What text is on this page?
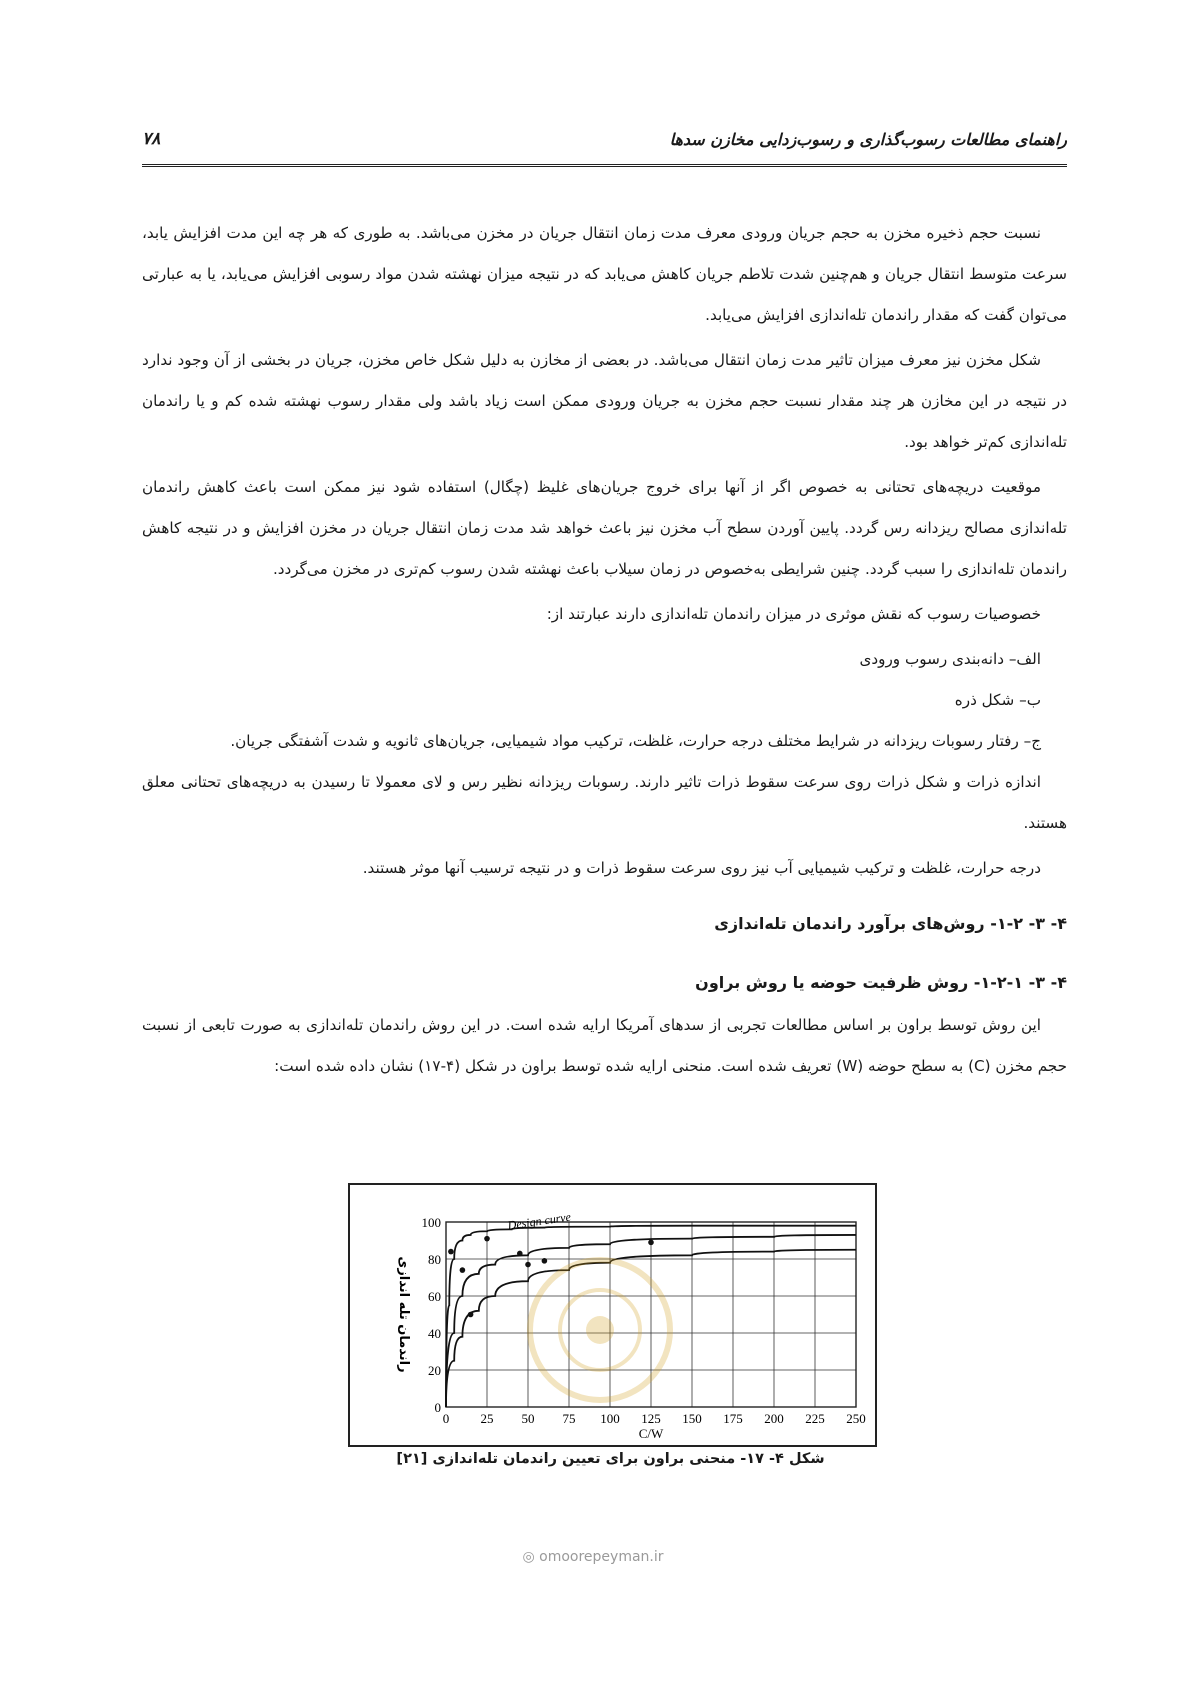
راهنمای مطالعات رسوب‌گذاری و رسوب‌زدایی مخازن سدها
۷۸

نسبت حجم ذخیره مخزن به حجم جریان ورودی معرف مدت زمان انتقال جریان در مخزن می‌باشد. به طوری که هر چه این مدت افزایش یابد، سرعت متوسط انتقال جریان و هم‌چنین شدت تلاطم جریان کاهش می‌یابد که در نتیجه میزان نهشته شدن مواد رسوبی افزایش می‌یابد، یا به عبارتی می‌توان گفت که مقدار راندمان تله‌اندازی افزایش می‌یابد.

شکل مخزن نیز معرف میزان تاثیر مدت زمان انتقال می‌باشد. در بعضی از مخازن به دلیل شکل خاص مخزن، جریان در بخشی از آن وجود ندارد در نتیجه در این مخازن هر چند مقدار نسبت حجم مخزن به جریان ورودی ممکن است زیاد باشد ولی مقدار رسوب نهشته شده کم و یا راندمان تله‌اندازی کم‌تر خواهد بود.

موقعیت دریچه‌های تحتانی به خصوص اگر از آنها برای خروج جریان‌های غلیظ (چگال) استفاده شود نیز ممکن است باعث کاهش راندمان تله‌اندازی مصالح ریزدانه رس گردد. پایین آوردن سطح آب مخزن نیز باعث خواهد شد مدت زمان انتقال جریان در مخزن افزایش و در نتیجه کاهش راندمان تله‌اندازی را سبب گردد. چنین شرایطی به‌خصوص در زمان سیلاب باعث نهشته شدن رسوب کم‌تری در مخزن می‌گردد.

خصوصیات رسوب که نقش موثری در میزان راندمان تله‌اندازی دارند عبارتند از:

الف– دانه‌بندی رسوب ورودی
ب– شکل ذره
ج– رفتار رسوبات ریزدانه در شرایط مختلف درجه حرارت، غلظت، ترکیب مواد شیمیایی، جریان‌های ثانویه و شدت آشفتگی جریان.

اندازه ذرات و شکل ذرات روی سرعت سقوط ذرات تاثیر دارند. رسوبات ریزدانه نظیر رس و لای معمولا تا رسیدن به دریچه‌های تحتانی معلق هستند.

درجه حرارت، غلظت و ترکیب شیمیایی آب نیز روی سرعت سقوط ذرات و در نتیجه ترسیب آنها موثر هستند.

۴- ۳- ۱-۲- روش‌های برآورد راندمان تله‌اندازی
۴- ۳- ۱-۲-۱- روش ظرفیت حوضه یا روش براون

این روش توسط براون بر اساس مطالعات تجربی از سدهای آمریکا ارایه شده است. در این روش راندمان تله‌اندازی به صورت تابعی از نسبت حجم مخزن (C) به سطح حوضه (W) تعریف شده است. منحنی ارایه شده توسط براون در شکل (۴-۱۷) نشان داده شده است:

0 25 50 75 100 125 150 175 200 225 250
0
20
40
60
80
100
C/W
راندمان تله اندازی
Design curve
شکل ۴- ۱۷- منحنی براون برای تعیین راندمان تله‌اندازی [۲۱]
◎ omoorepeyman.ir
